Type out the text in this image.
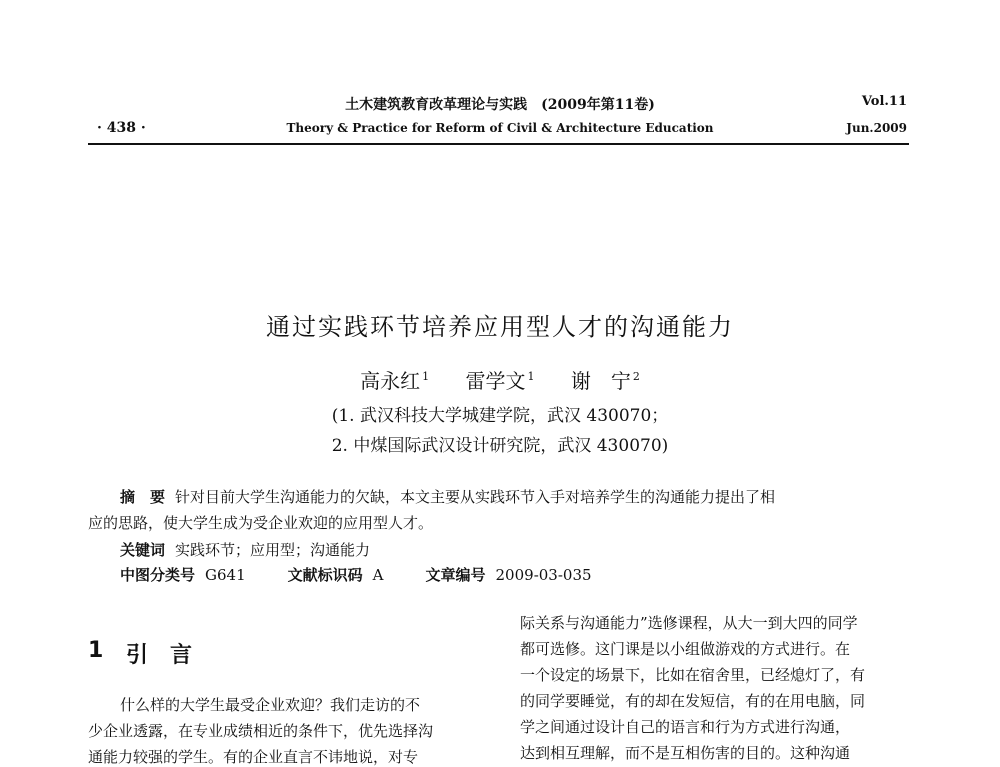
土木建筑教育改革理论与实践　(2009年第11卷)
Theory & Practice for Reform of Civil & Architecture Education
· 438 ·
Vol.11
Jun.2009
通过实践环节培养应用型人才的沟通能力
高永红 $^1$ 雷学文 $^1$ 谢　宁 $^2$
(1. 武汉科技大学城建学院，武汉 430070；
2. 中煤国际武汉设计研究院，武汉 430070)
摘　要 针对目前大学生沟通能力的欠缺，本文主要从实践环节入手对培养学生的沟通能力提出了相
应的思路，使大学生成为受企业欢迎的应用型人才。
关键词 实践环节；应用型；沟通能力
中图分类号 G641	文献标识码 A	文章编号 2009-03-035
1 引言
什么样的大学生最受企业欢迎？我们走访的不
少企业透露，在专业成绩相近的条件下，优先选择沟
通能力较强的学生。有的企业直言不讳地说，对专
际关系与沟通能力”选修课程，从大一到大四的同学
都可选修。这门课是以小组做游戏的方式进行。在
一个设定的场景下，比如在宿舍里，已经熄灯了，有
的同学要睡觉，有的却在发短信，有的在用电脑，同
学之间通过设计自己的语言和行为方式进行沟通，
达到相互理解，而不是互相伤害的目的。这种沟通
